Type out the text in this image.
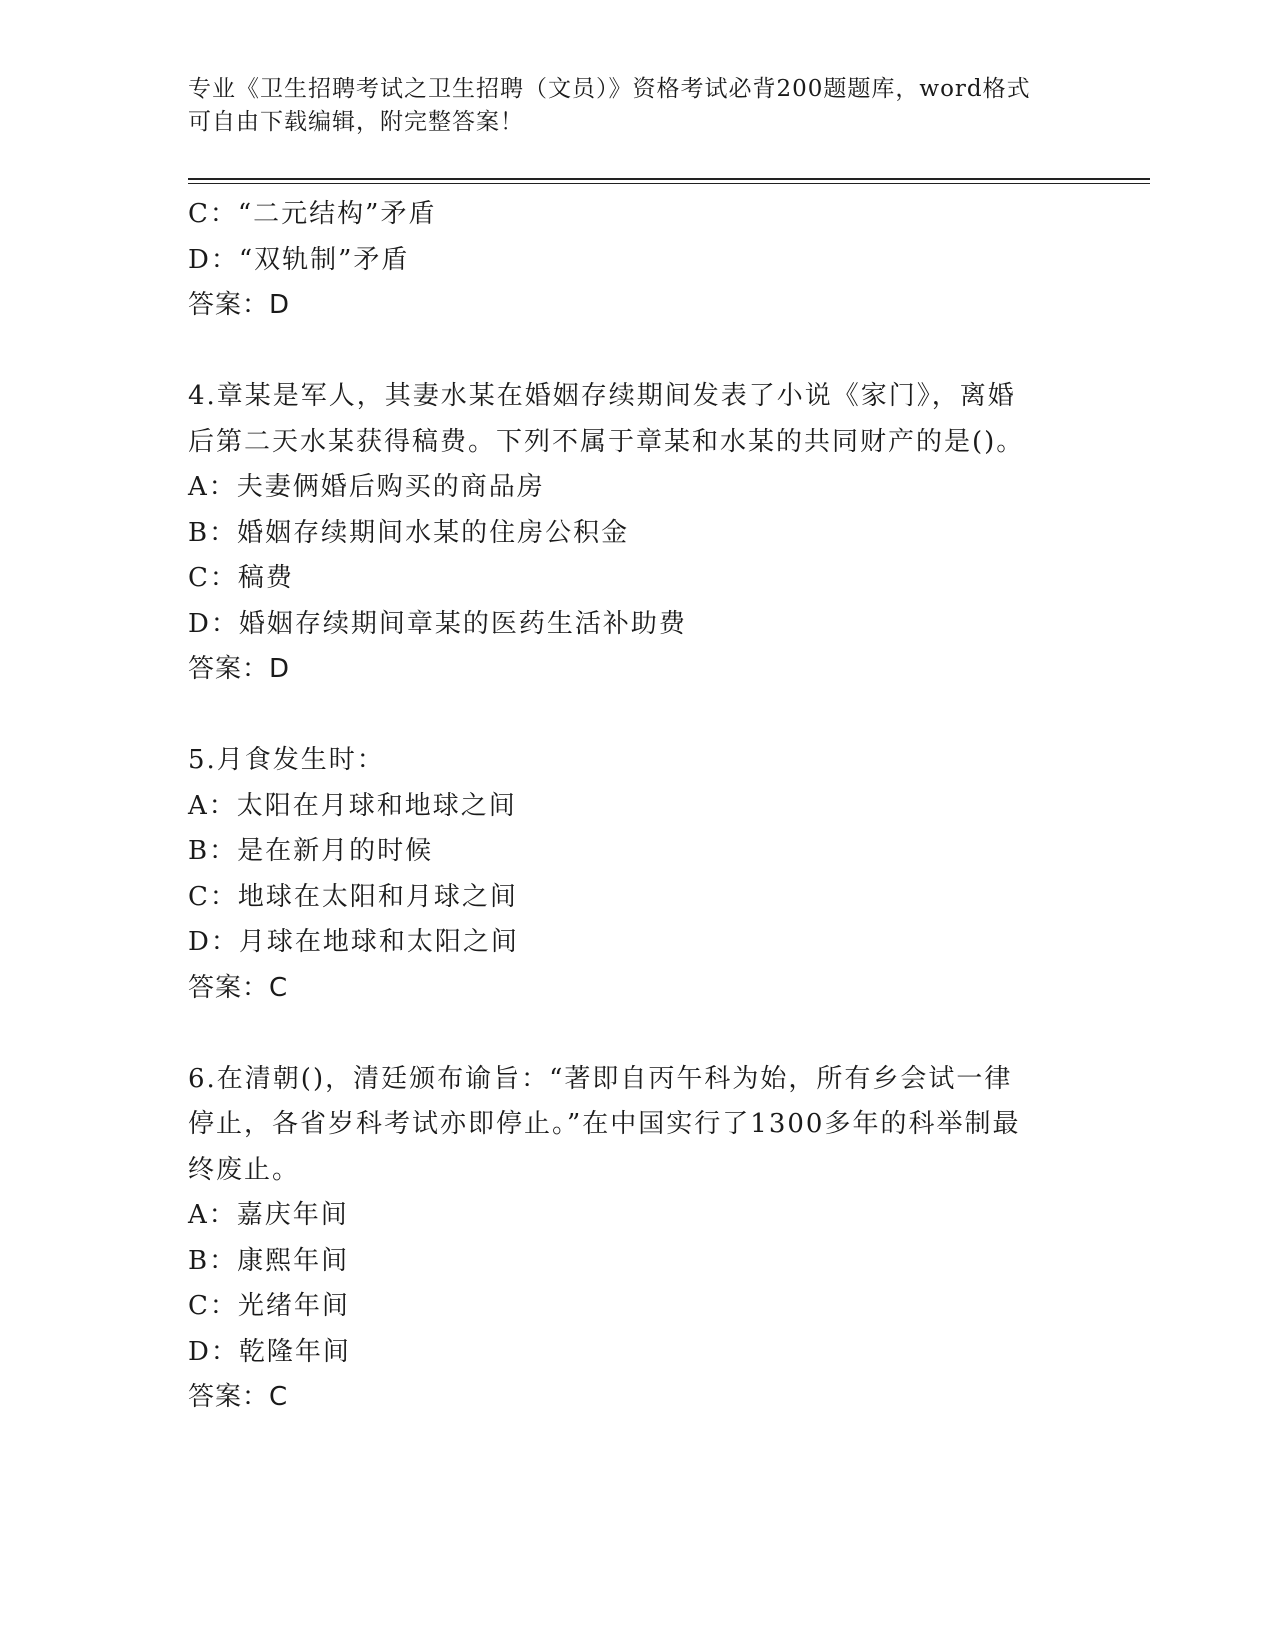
专业《卫生招聘考试之卫生招聘（文员）》资格考试必背200题题库，word格式
可自由下载编辑，附完整答案！
C：“二元结构”矛盾
D：“双轨制”矛盾
答案：D
4.章某是军人，其妻水某在婚姻存续期间发表了小说《家门》，离婚
后第二天水某获得稿费。下列不属于章某和水某的共同财产的是()。
A：夫妻俩婚后购买的商品房
B：婚姻存续期间水某的住房公积金
C：稿费
D：婚姻存续期间章某的医药生活补助费
答案：D
5.月食发生时：
A：太阳在月球和地球之间
B：是在新月的时候
C：地球在太阳和月球之间
D：月球在地球和太阳之间
答案：C
6.在清朝()，清廷颁布谕旨：“著即自丙午科为始，所有乡会试一律
停止，各省岁科考试亦即停止。”在中国实行了1300多年的科举制最
终废止。
A：嘉庆年间
B：康熙年间
C：光绪年间
D：乾隆年间
答案：C
